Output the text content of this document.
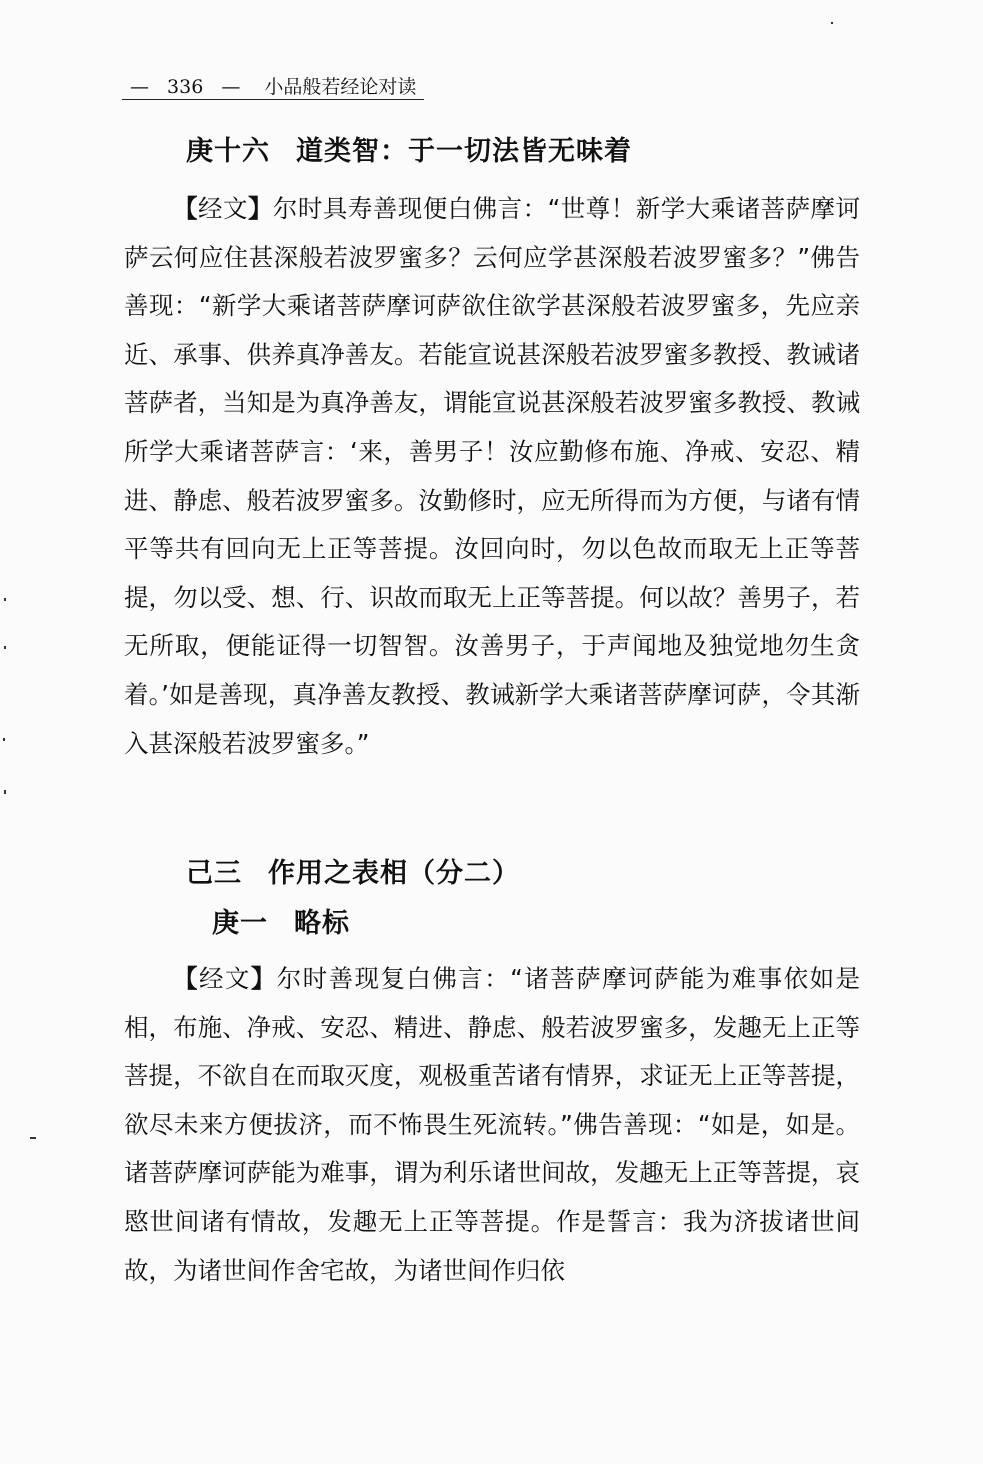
— 336 — 小品般若经论对读
庚十六 道类智：于一切法皆无味着

【经文】尔时具寿善现便白佛言：“世尊！新学大乘诸菩萨摩诃萨云何应住甚深般若波罗蜜多？云何应学甚深般若波罗蜜多？”佛告善现：“新学大乘诸菩萨摩诃萨欲住欲学甚深般若波罗蜜多，先应亲近、承事、供养真净善友。若能宣说甚深般若波罗蜜多教授、教诫诸菩萨者，当知是为真净善友，谓能宣说甚深般若波罗蜜多教授、教诫所学大乘诸菩萨言：‘来，善男子！汝应勤修布施、净戒、安忍、精进、静虑、般若波罗蜜多。汝勤修时，应无所得而为方便，与诸有情平等共有回向无上正等菩提。汝回向时，勿以色故而取无上正等菩提，勿以受、想、行、识故而取无上正等菩提。何以故？善男子，若无所取，便能证得一切智智。汝善男子，于声闻地及独觉地勿生贪着。’如是善现，真净善友教授、教诫新学大乘诸菩萨摩诃萨，令其渐入甚深般若波罗蜜多。”

己三 作用之表相（分二）
庚一 略标

【经文】尔时善现复白佛言：“诸菩萨摩诃萨能为难事依如是相，布施、净戒、安忍、精进、静虑、般若波罗蜜多，发趣无上正等菩提，不欲自在而取灭度，观极重苦诸有情界，求证无上正等菩提，欲尽未来方便拔济，而不怖畏生死流转。”佛告善现：“如是，如是。诸菩萨摩诃萨能为难事，谓为利乐诸世间故，发趣无上正等菩提，哀愍世间诸有情故，发趣无上正等菩提。作是誓言：我为济拔诸世间故，为诸世间作舍宅故，为诸世间作归依
